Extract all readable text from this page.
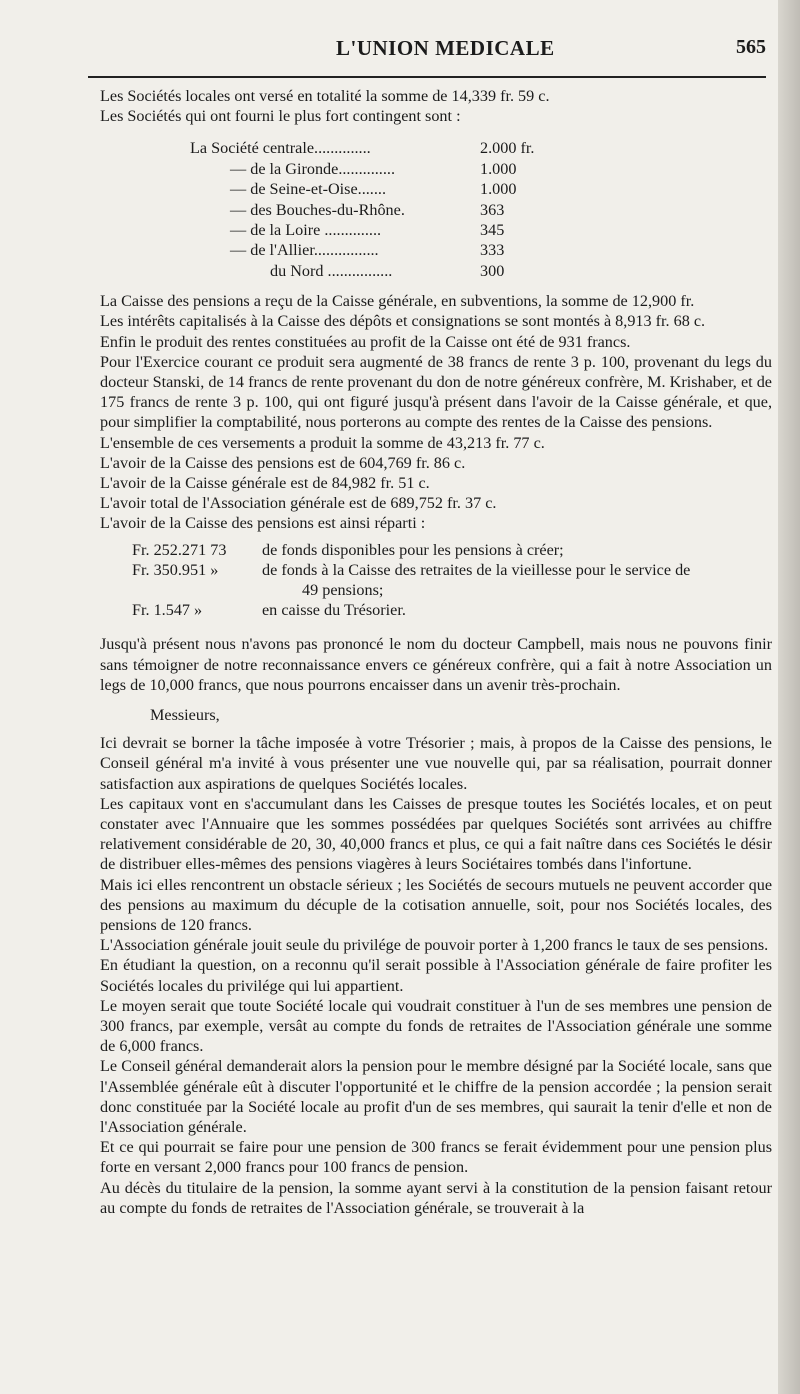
L'UNION MEDICALE	565

Les Sociétés locales ont versé en totalité la somme de 14,339 fr. 59 c.

Les Sociétés qui ont fourni le plus fort contingent sont :

La Société centrale..............	2.000 fr.
— de la Gironde..............	1.000
— de Seine-et-Oise.......	1.000
— des Bouches-du-Rhône.	363
— de la Loire ..............	345
— de l'Allier................	333
du Nord ................	300

La Caisse des pensions a reçu de la Caisse générale, en subventions, la somme de 12,900 fr.

Les intérêts capitalisés à la Caisse des dépôts et consignations se sont montés à 8,913 fr. 68 c.

Enfin le produit des rentes constituées au profit de la Caisse ont été de 931 francs.

Pour l'Exercice courant ce produit sera augmenté de 38 francs de rente 3 p. 100, provenant du legs du docteur Stanski, de 14 francs de rente provenant du don de notre généreux confrère, M. Krishaber, et de 175 francs de rente 3 p. 100, qui ont figuré jusqu'à présent dans l'avoir de la Caisse générale, et que, pour simplifier la comptabilité, nous porterons au compte des rentes de la Caisse des pensions.

L'ensemble de ces versements a produit la somme de 43,213 fr. 77 c.

L'avoir de la Caisse des pensions est de 604,769 fr. 86 c.

L'avoir de la Caisse générale est de 84,982 fr. 51 c.

L'avoir total de l'Association générale est de 689,752 fr. 37 c.

L'avoir de la Caisse des pensions est ainsi réparti :

Fr. 252.271 73	de fonds disponibles pour les pensions à créer;
Fr. 350.951 »	de fonds à la Caisse des retraites de la vieillesse pour le service de
49 pensions;
Fr. 1.547 »	en caisse du Trésorier.

Jusqu'à présent nous n'avons pas prononcé le nom du docteur Campbell, mais nous ne pouvons finir sans témoigner de notre reconnaissance envers ce généreux confrère, qui a fait à notre Association un legs de 10,000 francs, que nous pourrons encaisser dans un avenir très-prochain.

Messieurs,

Ici devrait se borner la tâche imposée à votre Trésorier ; mais, à propos de la Caisse des pensions, le Conseil général m'a invité à vous présenter une vue nouvelle qui, par sa réalisation, pourrait donner satisfaction aux aspirations de quelques Sociétés locales.

Les capitaux vont en s'accumulant dans les Caisses de presque toutes les Sociétés locales, et on peut constater avec l'Annuaire que les sommes possédées par quelques Sociétés sont arrivées au chiffre relativement considérable de 20, 30, 40,000 francs et plus, ce qui a fait naître dans ces Sociétés le désir de distribuer elles-mêmes des pensions viagères à leurs Sociétaires tombés dans l'infortune.

Mais ici elles rencontrent un obstacle sérieux ; les Sociétés de secours mutuels ne peuvent accorder que des pensions au maximum du décuple de la cotisation annuelle, soit, pour nos Sociétés locales, des pensions de 120 francs.

L'Association générale jouit seule du privilége de pouvoir porter à 1,200 francs le taux de ses pensions.

En étudiant la question, on a reconnu qu'il serait possible à l'Association générale de faire profiter les Sociétés locales du privilége qui lui appartient.

Le moyen serait que toute Société locale qui voudrait constituer à l'un de ses membres une pension de 300 francs, par exemple, versât au compte du fonds de retraites de l'Association générale une somme de 6,000 francs.

Le Conseil général demanderait alors la pension pour le membre désigné par la Société locale, sans que l'Assemblée générale eût à discuter l'opportunité et le chiffre de la pension accordée ; la pension serait donc constituée par la Société locale au profit d'un de ses membres, qui saurait la tenir d'elle et non de l'Association générale.

Et ce qui pourrait se faire pour une pension de 300 francs se ferait évidemment pour une pension plus forte en versant 2,000 francs pour 100 francs de pension.

Au décès du titulaire de la pension, la somme ayant servi à la constitution de la pension faisant retour au compte du fonds de retraites de l'Association générale, se trouverait à la
